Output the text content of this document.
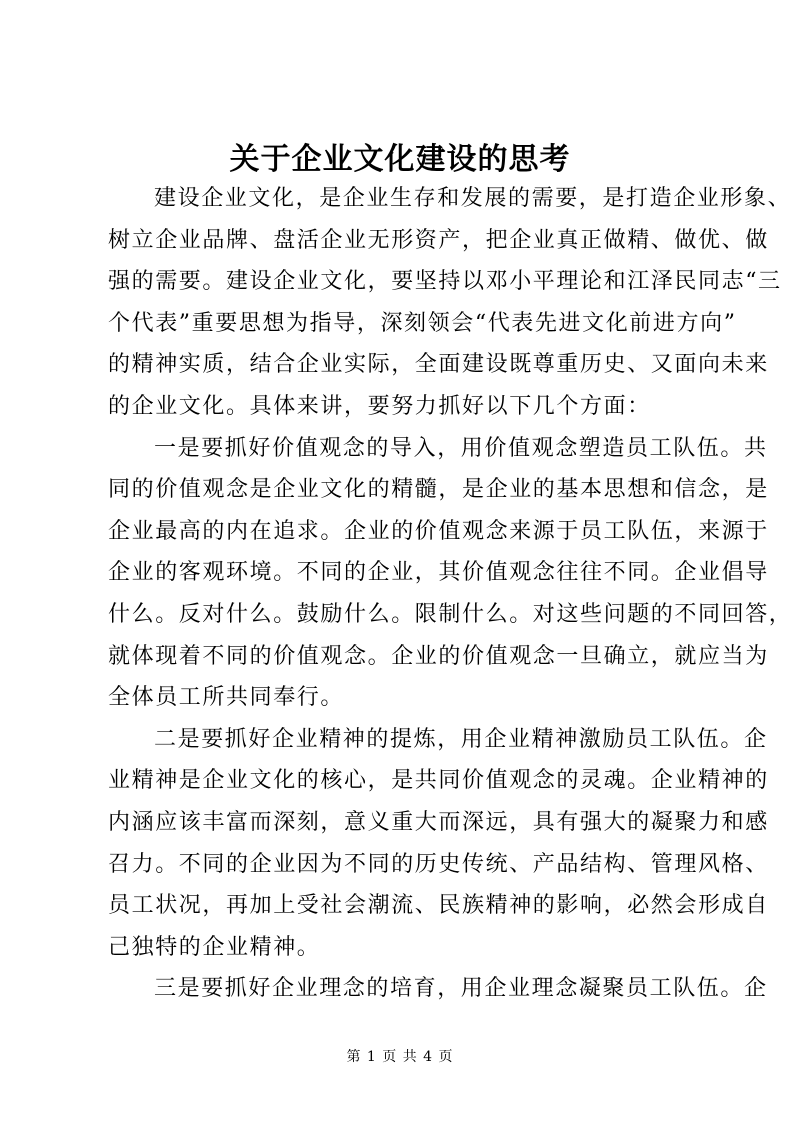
关于企业文化建设的思考
建设企业文化，是企业生存和发展的需要，是打造企业形象、
树立企业品牌、盘活企业无形资产，把企业真正做精、做优、做
强的需要。建设企业文化，要坚持以邓小平理论和江泽民同志“三
个代表”重要思想为指导，深刻领会“代表先进文化前进方向”
的精神实质，结合企业实际，全面建设既尊重历史、又面向未来
的企业文化。具体来讲，要努力抓好以下几个方面：
一是要抓好价值观念的导入，用价值观念塑造员工队伍。共
同的价值观念是企业文化的精髓，是企业的基本思想和信念，是
企业最高的内在追求。企业的价值观念来源于员工队伍，来源于
企业的客观环境。不同的企业，其价值观念往往不同。企业倡导
什么。反对什么。鼓励什么。限制什么。对这些问题的不同回答，
就体现着不同的价值观念。企业的价值观念一旦确立，就应当为
全体员工所共同奉行。
二是要抓好企业精神的提炼，用企业精神激励员工队伍。企
业精神是企业文化的核心，是共同价值观念的灵魂。企业精神的
内涵应该丰富而深刻，意义重大而深远，具有强大的凝聚力和感
召力。不同的企业因为不同的历史传统、产品结构、管理风格、
员工状况，再加上受社会潮流、民族精神的影响，必然会形成自
己独特的企业精神。
三是要抓好企业理念的培育，用企业理念凝聚员工队伍。企
第 1 页 共 4 页
